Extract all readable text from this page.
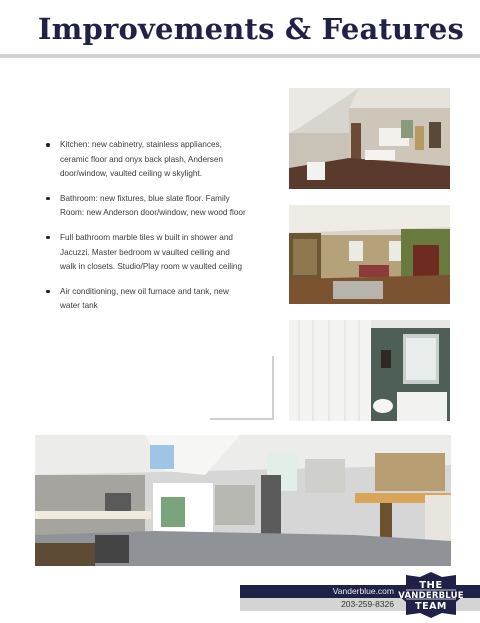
Improvements & Features
Kitchen: new cabinetry, stainless appliances, ceramic floor and onyx back plash, Andersen door/window, vaulted ceiling w skylight.
Bathroom: new fixtures, blue slate floor. Family Room: new Anderson door/window, new wood floor
Full bathroom marble tiles w built in shower and Jacuzzi. Master bedroom w vaulted ceiling and walk in closets. Studio/Play room w vaulted ceiling
Air conditioning, new oil furnace and tank, new water tank
Vanderblue.com
203-259-8326
THE
VANDERBLUE
TEAM
